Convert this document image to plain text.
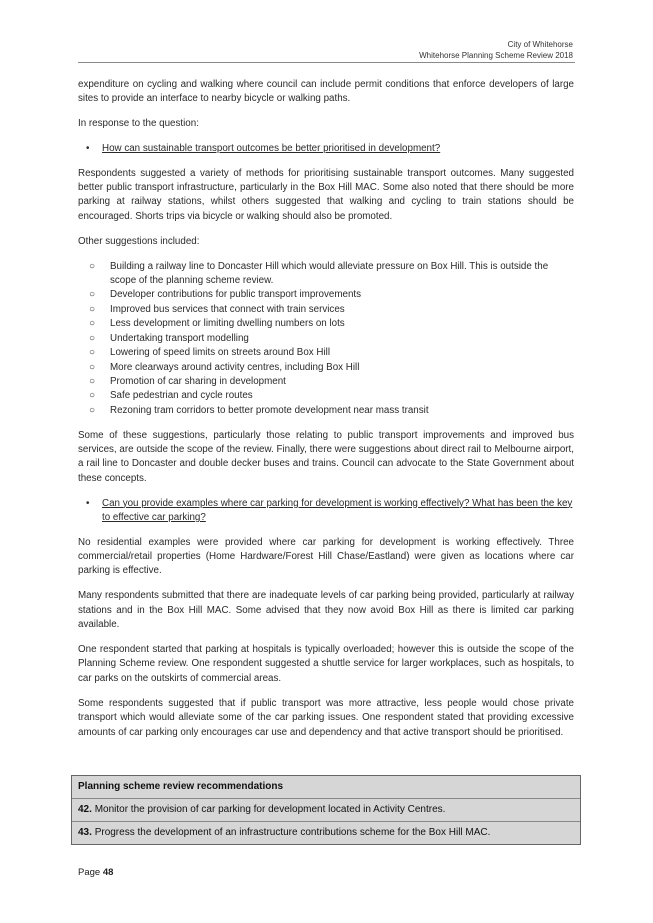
City of Whitehorse
Whitehorse Planning Scheme Review 2018

expenditure on cycling and walking where council can include permit conditions that enforce developers of large sites to provide an interface to nearby bicycle or walking paths.

In response to the question:

• How can sustainable transport outcomes be better prioritised in development?

Respondents suggested a variety of methods for prioritising sustainable transport outcomes. Many suggested better public transport infrastructure, particularly in the Box Hill MAC. Some also noted that there should be more parking at railway stations, whilst others suggested that walking and cycling to train stations should be encouraged. Shorts trips via bicycle or walking should also be promoted.

Other suggestions included:

○ Building a railway line to Doncaster Hill which would alleviate pressure on Box Hill. This is outside the scope of the planning scheme review.
○ Developer contributions for public transport improvements
○ Improved bus services that connect with train services
○ Less development or limiting dwelling numbers on lots
○ Undertaking transport modelling
○ Lowering of speed limits on streets around Box Hill
○ More clearways around activity centres, including Box Hill
○ Promotion of car sharing in development
○ Safe pedestrian and cycle routes
○ Rezoning tram corridors to better promote development near mass transit

Some of these suggestions, particularly those relating to public transport improvements and improved bus services, are outside the scope of the review. Finally, there were suggestions about direct rail to Melbourne airport, a rail line to Doncaster and double decker buses and trains. Council can advocate to the State Government about these concepts.

• Can you provide examples where car parking for development is working effectively? What has been the key to effective car parking?

No residential examples were provided where car parking for development is working effectively. Three commercial/retail properties (Home Hardware/Forest Hill Chase/Eastland) were given as locations where car parking is effective.

Many respondents submitted that there are inadequate levels of car parking being provided, particularly at railway stations and in the Box Hill MAC. Some advised that they now avoid Box Hill as there is limited car parking available.

One respondent started that parking at hospitals is typically overloaded; however this is outside the scope of the Planning Scheme review. One respondent suggested a shuttle service for larger workplaces, such as hospitals, to car parks on the outskirts of commercial areas.

Some respondents suggested that if public transport was more attractive, less people would chose private transport which would alleviate some of the car parking issues. One respondent stated that providing excessive amounts of car parking only encourages car use and dependency and that active transport should be prioritised.

Planning scheme review recommendations
42. Monitor the provision of car parking for development located in Activity Centres.
43. Progress the development of an infrastructure contributions scheme for the Box Hill MAC.
Page 48
